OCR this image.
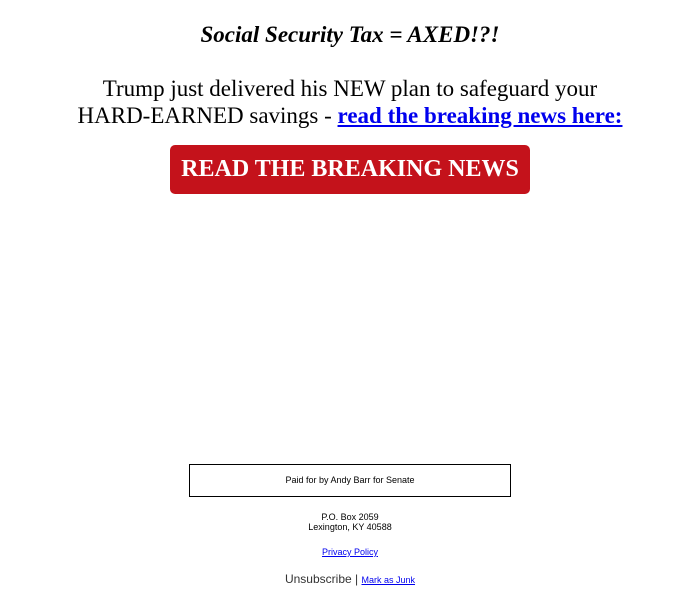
Social Security Tax = AXED!?!

Trump just delivered his NEW plan to safeguard your
HARD-EARNED savings - read the breaking news here:

READ THE BREAKING NEWS
Paid for by Andy Barr for Senate
P.O. Box 2059
Lexington, KY 40588
Privacy Policy
Unsubscribe | Mark as Junk
